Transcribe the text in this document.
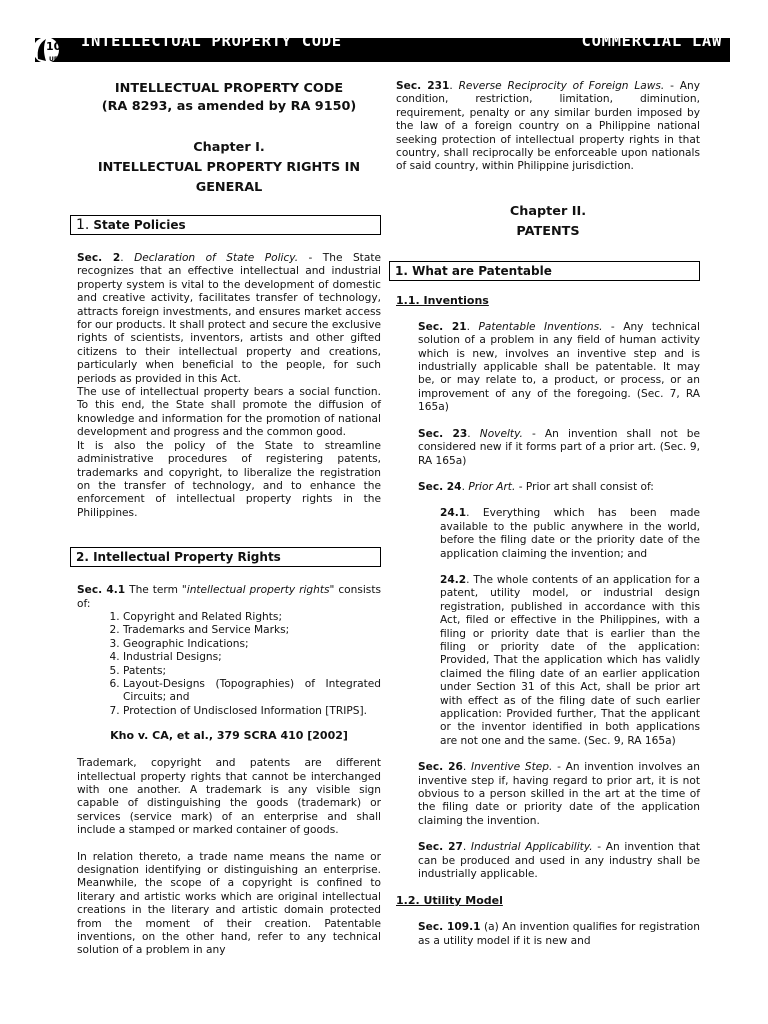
100%
UPlaw
INTELLECTUAL PROPERTY CODE	COMMERCIAL LAW
INTELLECTUAL PROPERTY CODE
(RA 8293, as amended by RA 9150)
Chapter I.
INTELLECTUAL PROPERTY RIGHTS IN GENERAL
1. State Policies

Sec. 2. Declaration of State Policy. - The State recognizes that an effective intellectual and industrial property system is vital to the development of domestic and creative activity, facilitates transfer of technology, attracts foreign investments, and ensures market access for our products. It shall protect and secure the exclusive rights of scientists, inventors, artists and other gifted citizens to their intellectual property and creations, particularly when beneficial to the people, for such periods as provided in this Act.

The use of intellectual property bears a social function. To this end, the State shall promote the diffusion of knowledge and information for the promotion of national development and progress and the common good.

It is also the policy of the State to streamline administrative procedures of registering patents, trademarks and copyright, to liberalize the registration on the transfer of technology, and to enhance the enforcement of intellectual property rights in the Philippines.

2. Intellectual Property Rights

Sec. 4.1 The term "intellectual property rights" consists of:

1. Copyright and Related Rights;
2. Trademarks and Service Marks;
3. Geographic Indications;
4. Industrial Designs;
5. Patents;
6. Layout-Designs (Topographies) of Integrated Circuits; and
7. Protection of Undisclosed Information [TRIPS].
Kho v. CA, et al., 379 SCRA 410 [2002]

Trademark, copyright and patents are different intellectual property rights that cannot be interchanged with one another. A trademark is any visible sign capable of distinguishing the goods (trademark) or services (service mark) of an enterprise and shall include a stamped or marked container of goods.

In relation thereto, a trade name means the name or designation identifying or distinguishing an enterprise. Meanwhile, the scope of a copyright is confined to literary and artistic works which are original intellectual creations in the literary and artistic domain protected from the moment of their creation. Patentable inventions, on the other hand, refer to any technical solution of a problem in any

Sec. 231. Reverse Reciprocity of Foreign Laws. - Any condition, restriction, limitation, diminution, requirement, penalty or any similar burden imposed by the law of a foreign country on a Philippine national seeking protection of intellectual property rights in that country, shall reciprocally be enforceable upon nationals of said country, within Philippine jurisdiction.

Chapter II.
PATENTS
1. What are Patentable
1.1. Inventions

Sec. 21. Patentable Inventions. - Any technical solution of a problem in any field of human activity which is new, involves an inventive step and is industrially applicable shall be patentable. It may be, or may relate to, a product, or process, or an improvement of any of the foregoing. (Sec. 7, RA 165a)

Sec. 23. Novelty. - An invention shall not be considered new if it forms part of a prior art. (Sec. 9, RA 165a)

Sec. 24. Prior Art. - Prior art shall consist of:

24.1. Everything which has been made available to the public anywhere in the world, before the filing date or the priority date of the application claiming the invention; and

24.2. The whole contents of an application for a patent, utility model, or industrial design registration, published in accordance with this Act, filed or effective in the Philippines, with a filing or priority date that is earlier than the filing or priority date of the application: Provided, That the application which has validly claimed the filing date of an earlier application under Section 31 of this Act, shall be prior art with effect as of the filing date of such earlier application: Provided further, That the applicant or the inventor identified in both applications are not one and the same. (Sec. 9, RA 165a)

Sec. 26. Inventive Step. - An invention involves an inventive step if, having regard to prior art, it is not obvious to a person skilled in the art at the time of the filing date or priority date of the application claiming the invention.

Sec. 27. Industrial Applicability. - An invention that can be produced and used in any industry shall be industrially applicable.

1.2. Utility Model

Sec. 109.1 (a) An invention qualifies for registration as a utility model if it is new and
